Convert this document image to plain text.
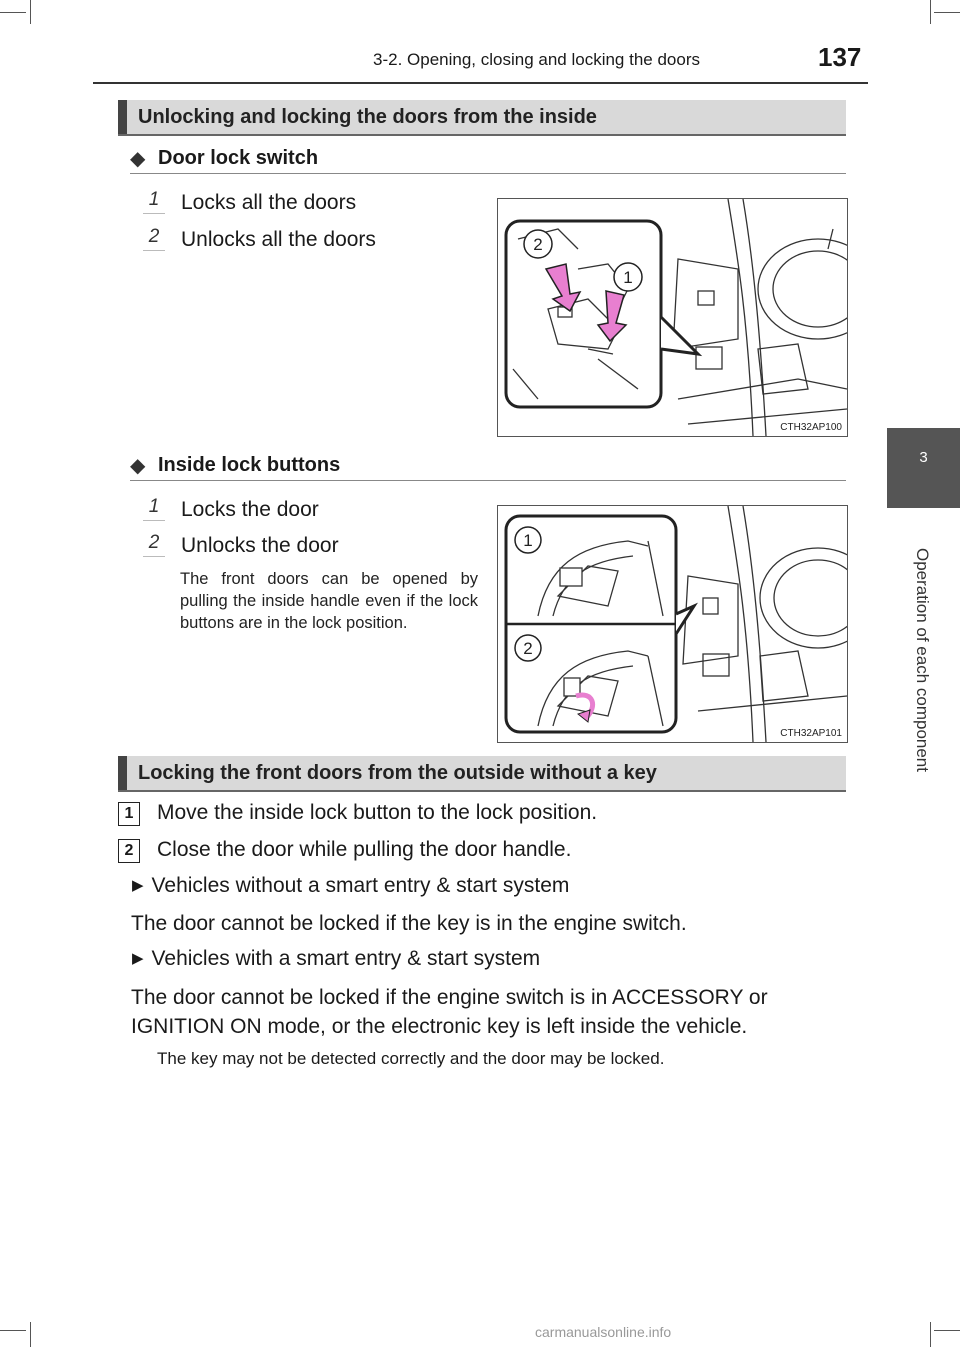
3-2. Opening, closing and locking the doors	137
3
Operation of each component
Unlocking and locking the doors from the inside
◆ Door lock switch
1 Locks all the doors
2 Unlocks all the doors	2
1
CTH32AP100
◆ Inside lock buttons
1 Locks the door
2 Unlocks the door
The front doors can be opened by pulling the inside handle even if the lock buttons are in the lock position.
1
2
CTH32AP101
Locking the front doors from the outside without a key
1	Move the inside lock button to the lock position.
2	Close the door while pulling the door handle.
▶ Vehicles without a smart entry & start system
The door cannot be locked if the key is in the engine switch.
▶ Vehicles with a smart entry & start system
The door cannot be locked if the engine switch is in ACCESSORY or IGNITION ON mode, or the electronic key is left inside the vehicle.
The key may not be detected correctly and the door may be locked.
carmanualsonline.info
